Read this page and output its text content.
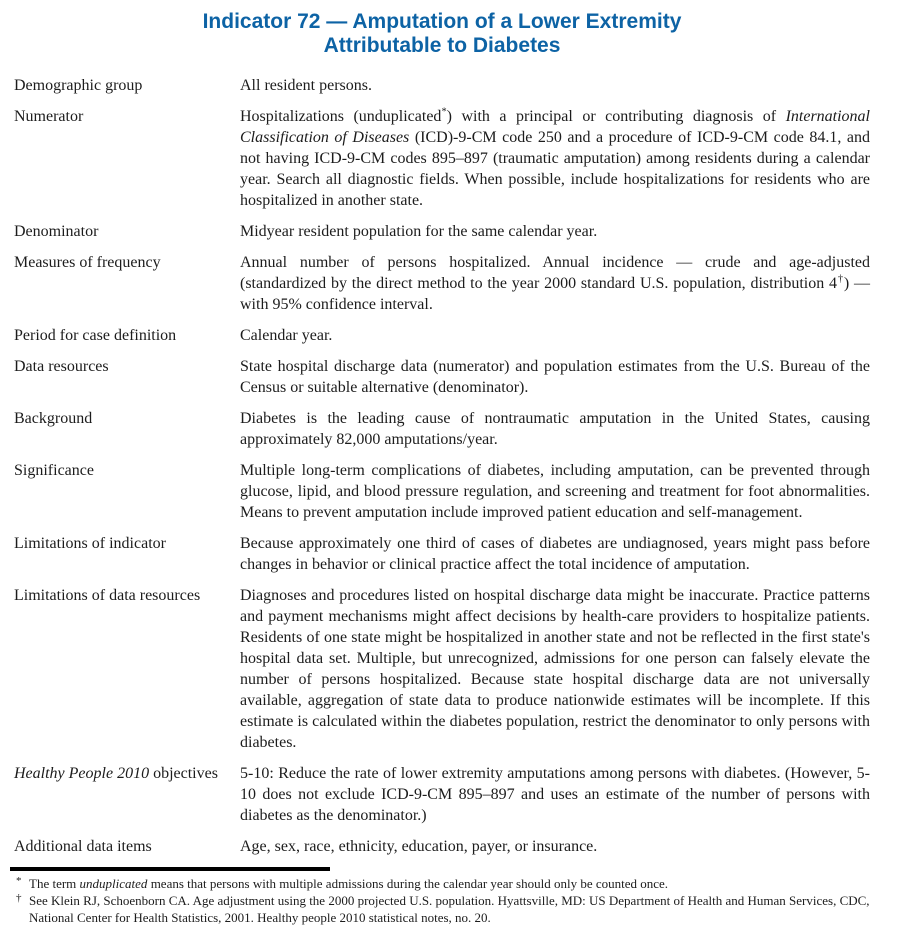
Indicator 72 — Amputation of a Lower Extremity
Attributable to Diabetes
Demographic group	All resident persons.
Numerator	Hospitalizations (unduplicated*) with a principal or contributing diagnosis of International Classification of Diseases (ICD)-9-CM code 250 and a procedure of ICD-9-CM code 84.1, and not having ICD-9-CM codes 895–897 (traumatic amputation) among residents during a calendar year. Search all diagnostic fields. When possible, include hospitalizations for residents who are hospitalized in another state.
Denominator	Midyear resident population for the same calendar year.
Measures of frequency	Annual number of persons hospitalized. Annual incidence — crude and age-adjusted (standardized by the direct method to the year 2000 standard U.S. population, distribution 4†) — with 95% confidence interval.
Period for case definition	Calendar year.
Data resources	State hospital discharge data (numerator) and population estimates from the U.S. Bureau of the Census or suitable alternative (denominator).
Background	Diabetes is the leading cause of nontraumatic amputation in the United States, causing approximately 82,000 amputations/year.
Significance	Multiple long-term complications of diabetes, including amputation, can be prevented through glucose, lipid, and blood pressure regulation, and screening and treatment for foot abnormalities. Means to prevent amputation include improved patient education and self-management.
Limitations of indicator	Because approximately one third of cases of diabetes are undiagnosed, years might pass before changes in behavior or clinical practice affect the total incidence of amputation.
Limitations of data resources	Diagnoses and procedures listed on hospital discharge data might be inaccurate. Practice patterns and payment mechanisms might affect decisions by health-care providers to hospitalize patients. Residents of one state might be hospitalized in another state and not be reflected in the first state's hospital data set. Multiple, but unrecognized, admissions for one person can falsely elevate the number of persons hospitalized. Because state hospital discharge data are not universally available, aggregation of state data to produce nationwide estimates will be incomplete. If this estimate is calculated within the diabetes population, restrict the denominator to only persons with diabetes.
Healthy People 2010 objectives	5-10: Reduce the rate of lower extremity amputations among persons with diabetes. (However, 5-10 does not exclude ICD-9-CM 895–897 and uses an estimate of the number of persons with diabetes as the denominator.)
Additional data items	Age, sex, race, ethnicity, education, payer, or insurance.
* The term unduplicated means that persons with multiple admissions during the calendar year should only be counted once.
† See Klein RJ, Schoenborn CA. Age adjustment using the 2000 projected U.S. population. Hyattsville, MD: US Department of Health and Human Services, CDC, National Center for Health Statistics, 2001. Healthy people 2010 statistical notes, no. 20.
